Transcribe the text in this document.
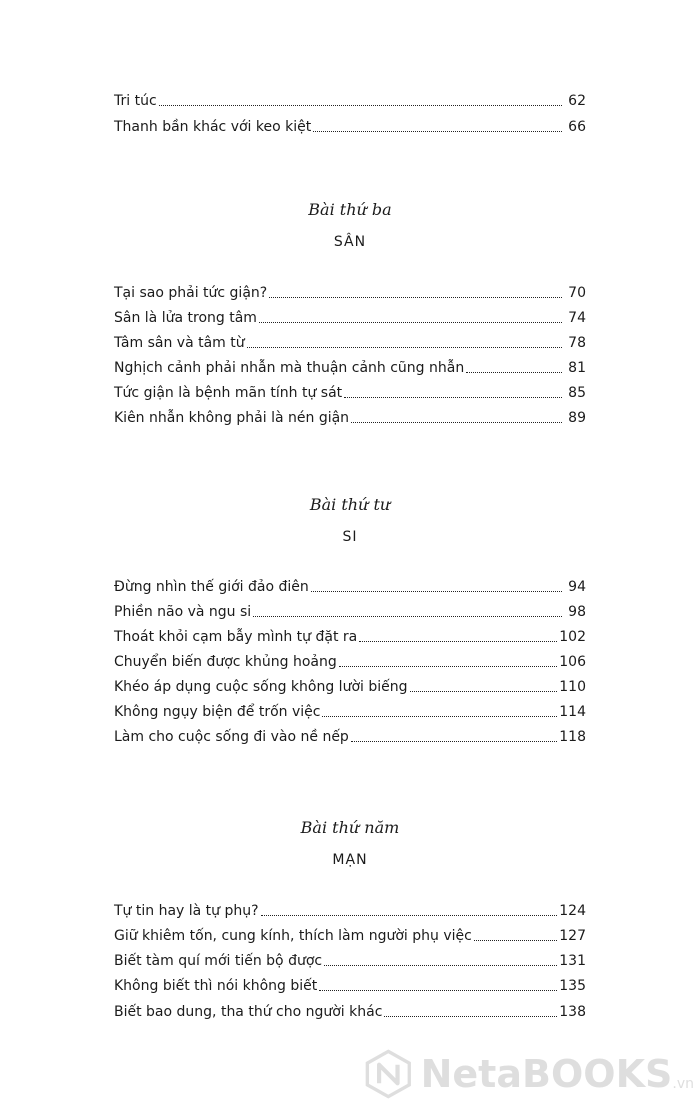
Tri túc	62
Thanh bần khác với keo kiệt	66
Bài thứ ba
SÂN
Tại sao phải tức giận?	70
Sân là lửa trong tâm	74
Tâm sân và tâm từ	78
Nghịch cảnh phải nhẫn mà thuận cảnh cũng nhẫn	81
Tức giận là bệnh mãn tính tự sát	85
Kiên nhẫn không phải là nén giận	89
Bài thứ tư
SI
Đừng nhìn thế giới đảo điên	94
Phiền não và ngu si	98
Thoát khỏi cạm bẫy mình tự đặt ra	102
Chuyển biến được khủng hoảng	106
Khéo áp dụng cuộc sống không lười biếng	110
Không ngụy biện để trốn việc	114
Làm cho cuộc sống đi vào nề nếp	118
Bài thứ năm
MẠN
Tự tin hay là tự phụ?	124
Giữ khiêm tốn, cung kính, thích làm người phụ việc	127
Biết tàm quí mới tiến bộ được	131
Không biết thì nói không biết	135
Biết bao dung, tha thứ cho người khác	138
NetaBOOKS .vn
